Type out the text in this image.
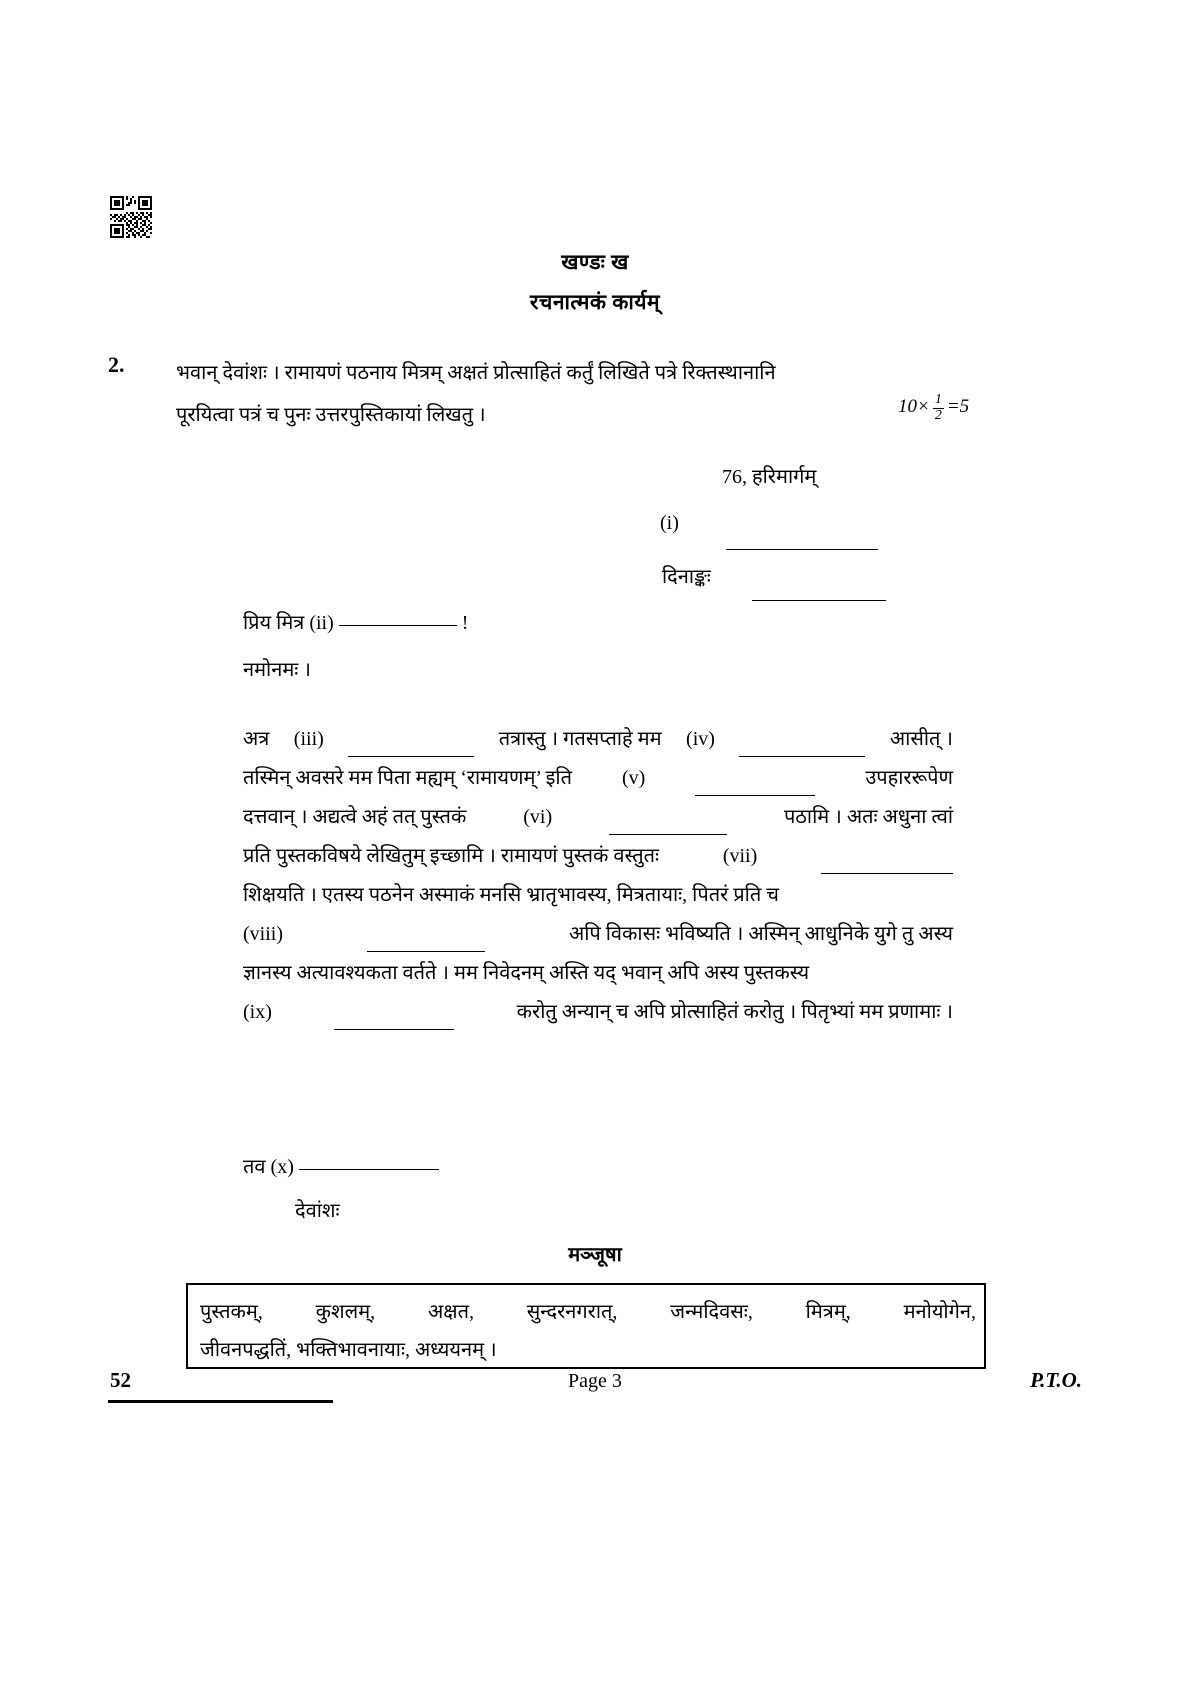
खण्डः ख
रचनात्मकं कार्यम्
2.	भवान् देवांशः । रामायणं पठनाय मित्रम् अक्षतं प्रोत्साहितं कर्तुं लिखिते पत्रे रिक्तस्थानानि
पूरयित्वा पत्रं च पुनः उत्तरपुस्तिकायां लिखतु ।	$10\times \frac{1}{2} =5$
76, हरिमार्गम्
(i)

दिनाङ्कः

प्रिय मित्र (ii)	!
नमोनमः ।
अत्र (iii)	तत्रास्तु । गतसप्ताहे मम (iv)	आसीत् ।
तस्मिन् अवसरे मम पिता मह्यम् ‘रामायणम्’ इति	(v)	उपहाररूपेण
दत्तवान् । अद्यत्वे अहं तत् पुस्तकं	(vi)	पठामि । अतः अधुना त्वां
प्रति पुस्तकविषये लेखितुम् इच्छामि । रामायणं पुस्तकं वस्तुतः	(vii)
शिक्षयति । एतस्य पठनेन अस्माकं मनसि भ्रातृभावस्य, मित्रतायाः, पितरं प्रति च
(viii)	अपि विकासः भविष्यति । अस्मिन् आधुनिके युगे तु अस्य
ज्ञानस्य अत्यावश्यकता वर्तते । मम निवेदनम् अस्ति यद् भवान् अपि अस्य पुस्तकस्य
(ix)	करोतु अन्यान् च अपि प्रोत्साहितं करोतु । पितृभ्यां मम प्रणामाः ।
तव (x)
देवांशः
मञ्जूषा
पुस्तकम्,	कुशलम्,	अक्षत,	सुन्दरनगरात्,	जन्मदिवसः,	मित्रम्,	मनोयोगेन,
जीवनपद्धतिं, भक्तिभावनायाः, अध्ययनम् ।
52	Page 3	P.T.O.
